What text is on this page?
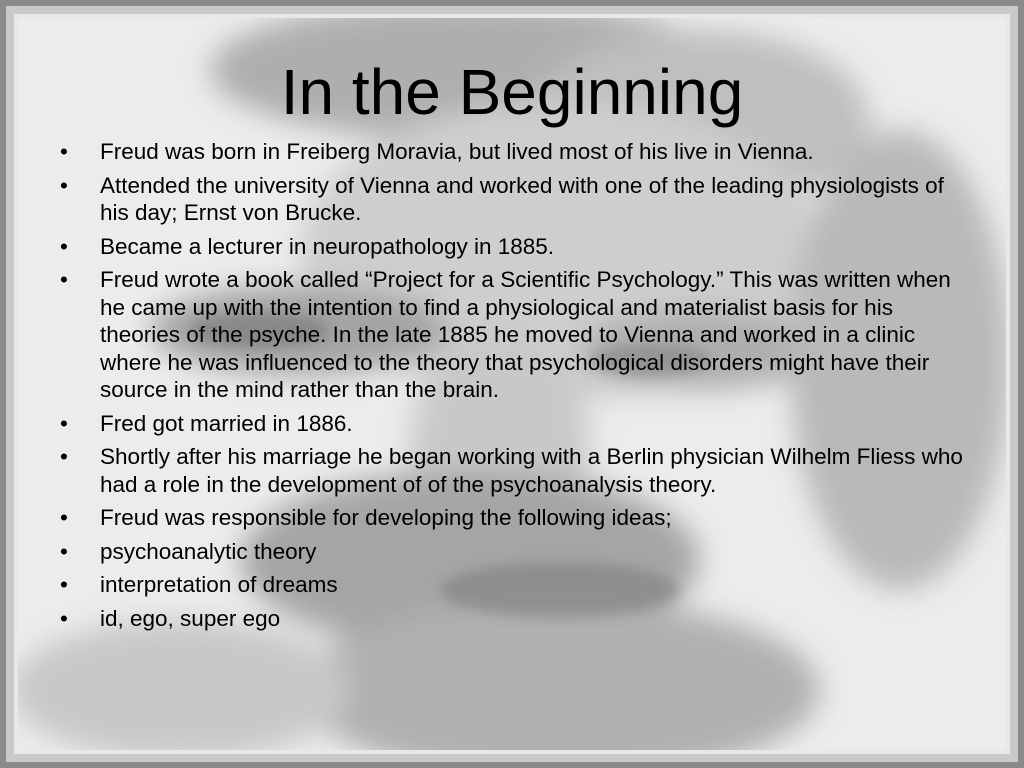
In the Beginning
• Freud was born in Freiberg Moravia, but lived most of his live in Vienna.
• Attended the university of Vienna and worked with one of the leading physiologists of his day; Ernst von Brucke.
• Became a lecturer in neuropathology in 1885.
• Freud wrote a book called “Project for a Scientific Psychology.” This was written when he came up with the intention to find a physiological and materialist basis for his theories of the psyche. In the late 1885 he moved to Vienna and worked in a clinic where he was influenced to the theory that psychological disorders might have their source in the mind rather than the brain.
• Fred got married in 1886.
• Shortly after his marriage he began working with a Berlin physician Wilhelm Fliess who had a role in the development of of the psychoanalysis theory.
• Freud was responsible for developing the following ideas;
• psychoanalytic theory
• interpretation of dreams
• id, ego, super ego
